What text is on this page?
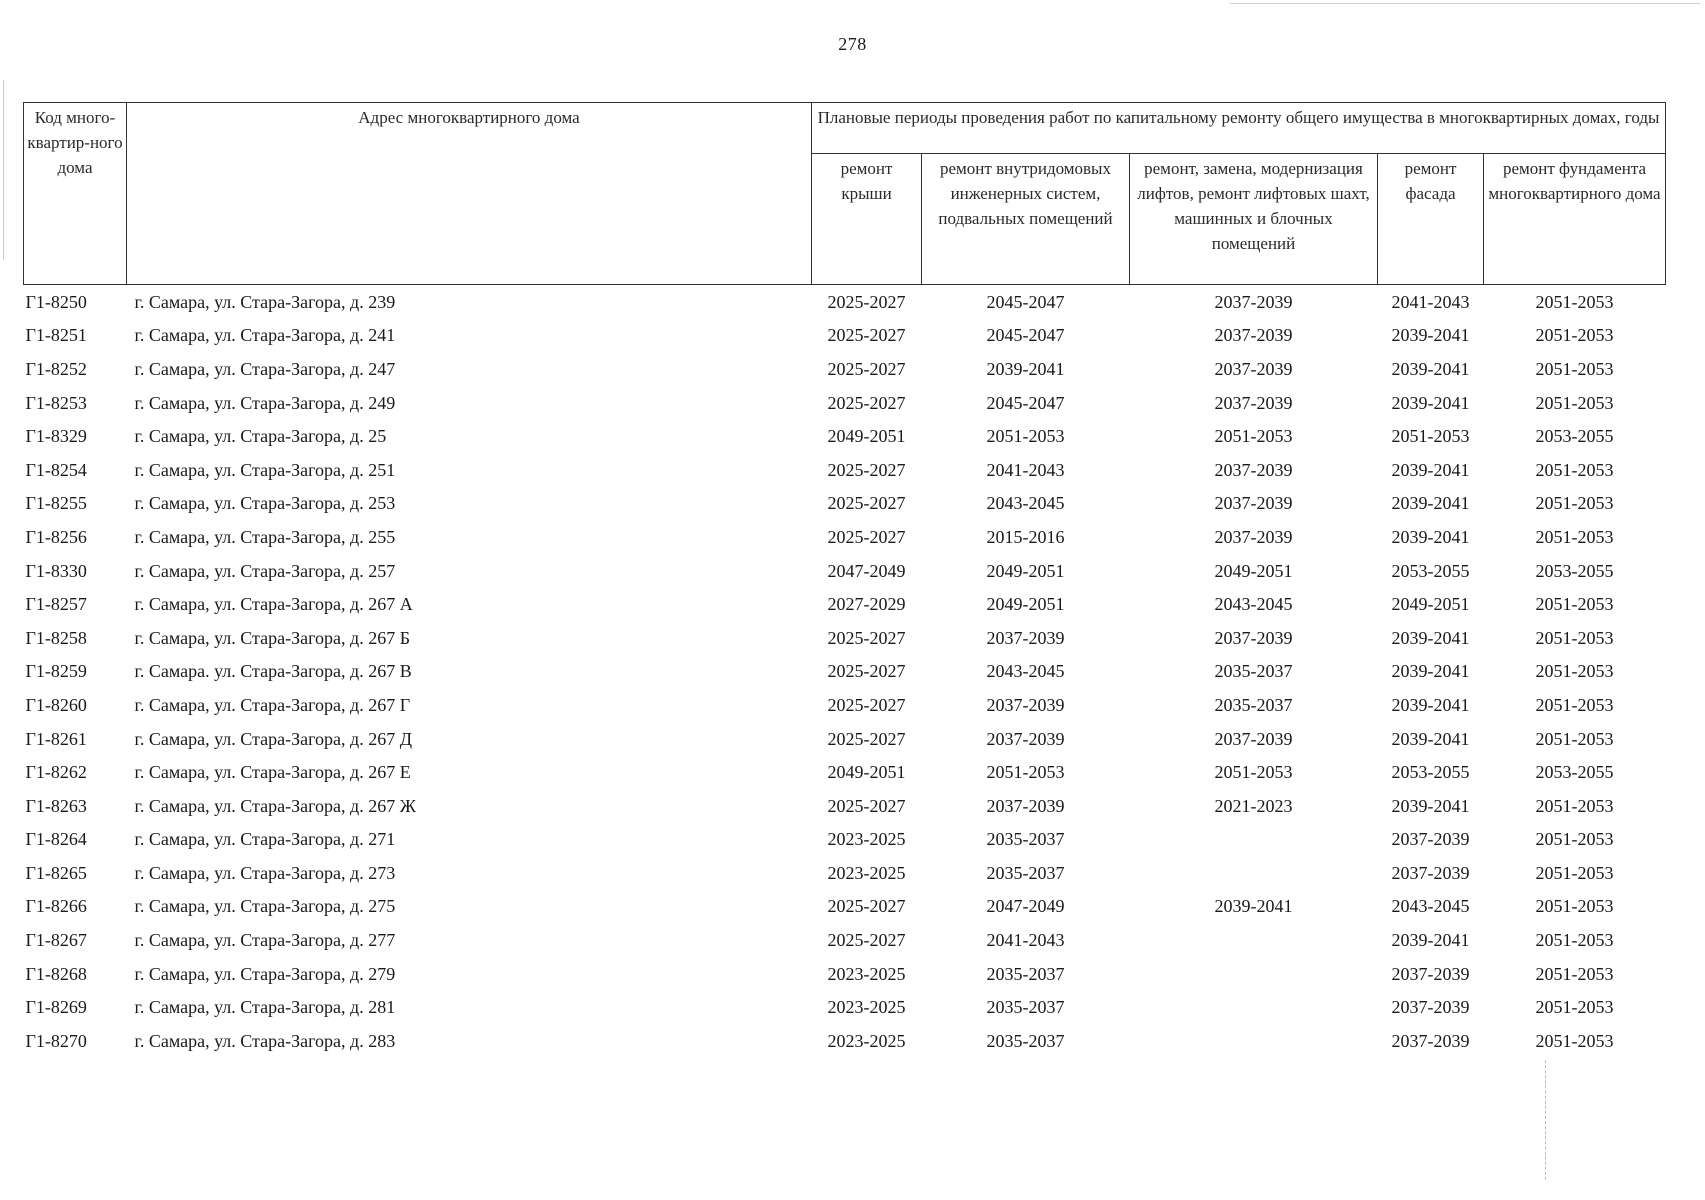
278
Код много-квартир-ного дома	Адрес многоквартирного дома	Плановые периоды проведения работ по капитальному ремонту общего имущества в многоквартирных домах, годы				
		ремонт крыши	ремонт внутридомовых инженерных систем, подвальных помещений	ремонт, замена, модернизация лифтов, ремонт лифтовых шахт, машинных и блочных помещений	ремонт фасада	ремонт фундамента многоквартирного дома
Г1-8250	г. Самара, ул. Стара-Загора, д. 239	2025-2027	2045-2047	2037-2039	2041-2043	2051-2053
Г1-8251	г. Самара, ул. Стара-Загора, д. 241	2025-2027	2045-2047	2037-2039	2039-2041	2051-2053
Г1-8252	г. Самара, ул. Стара-Загора, д. 247	2025-2027	2039-2041	2037-2039	2039-2041	2051-2053
Г1-8253	г. Самара, ул. Стара-Загора, д. 249	2025-2027	2045-2047	2037-2039	2039-2041	2051-2053
Г1-8329	г. Самара, ул. Стара-Загора, д. 25	2049-2051	2051-2053	2051-2053	2051-2053	2053-2055
Г1-8254	г. Самара, ул. Стара-Загора, д. 251	2025-2027	2041-2043	2037-2039	2039-2041	2051-2053
Г1-8255	г. Самара, ул. Стара-Загора, д. 253	2025-2027	2043-2045	2037-2039	2039-2041	2051-2053
Г1-8256	г. Самара, ул. Стара-Загора, д. 255	2025-2027	2015-2016	2037-2039	2039-2041	2051-2053
Г1-8330	г. Самара, ул. Стара-Загора, д. 257	2047-2049	2049-2051	2049-2051	2053-2055	2053-2055
Г1-8257	г. Самара, ул. Стара-Загора, д. 267 А	2027-2029	2049-2051	2043-2045	2049-2051	2051-2053
Г1-8258	г. Самара, ул. Стара-Загора, д. 267 Б	2025-2027	2037-2039	2037-2039	2039-2041	2051-2053
Г1-8259	г. Самара. ул. Стара-Загора, д. 267 В	2025-2027	2043-2045	2035-2037	2039-2041	2051-2053
Г1-8260	г. Самара, ул. Стара-Загора, д. 267 Г	2025-2027	2037-2039	2035-2037	2039-2041	2051-2053
Г1-8261	г. Самара, ул. Стара-Загора, д. 267 Д	2025-2027	2037-2039	2037-2039	2039-2041	2051-2053
Г1-8262	г. Самара, ул. Стара-Загора, д. 267 Е	2049-2051	2051-2053	2051-2053	2053-2055	2053-2055
Г1-8263	г. Самара, ул. Стара-Загора, д. 267 Ж	2025-2027	2037-2039	2021-2023	2039-2041	2051-2053
Г1-8264	г. Самара, ул. Стара-Загора, д. 271	2023-2025	2035-2037		2037-2039	2051-2053
Г1-8265	г. Самара, ул. Стара-Загора, д. 273	2023-2025	2035-2037		2037-2039	2051-2053
Г1-8266	г. Самара, ул. Стара-Загора, д. 275	2025-2027	2047-2049	2039-2041	2043-2045	2051-2053
Г1-8267	г. Самара, ул. Стара-Загора, д. 277	2025-2027	2041-2043		2039-2041	2051-2053
Г1-8268	г. Самара, ул. Стара-Загора, д. 279	2023-2025	2035-2037		2037-2039	2051-2053
Г1-8269	г. Самара, ул. Стара-Загора, д. 281	2023-2025	2035-2037		2037-2039	2051-2053
Г1-8270	г. Самара, ул. Стара-Загора, д. 283	2023-2025	2035-2037		2037-2039	2051-2053
